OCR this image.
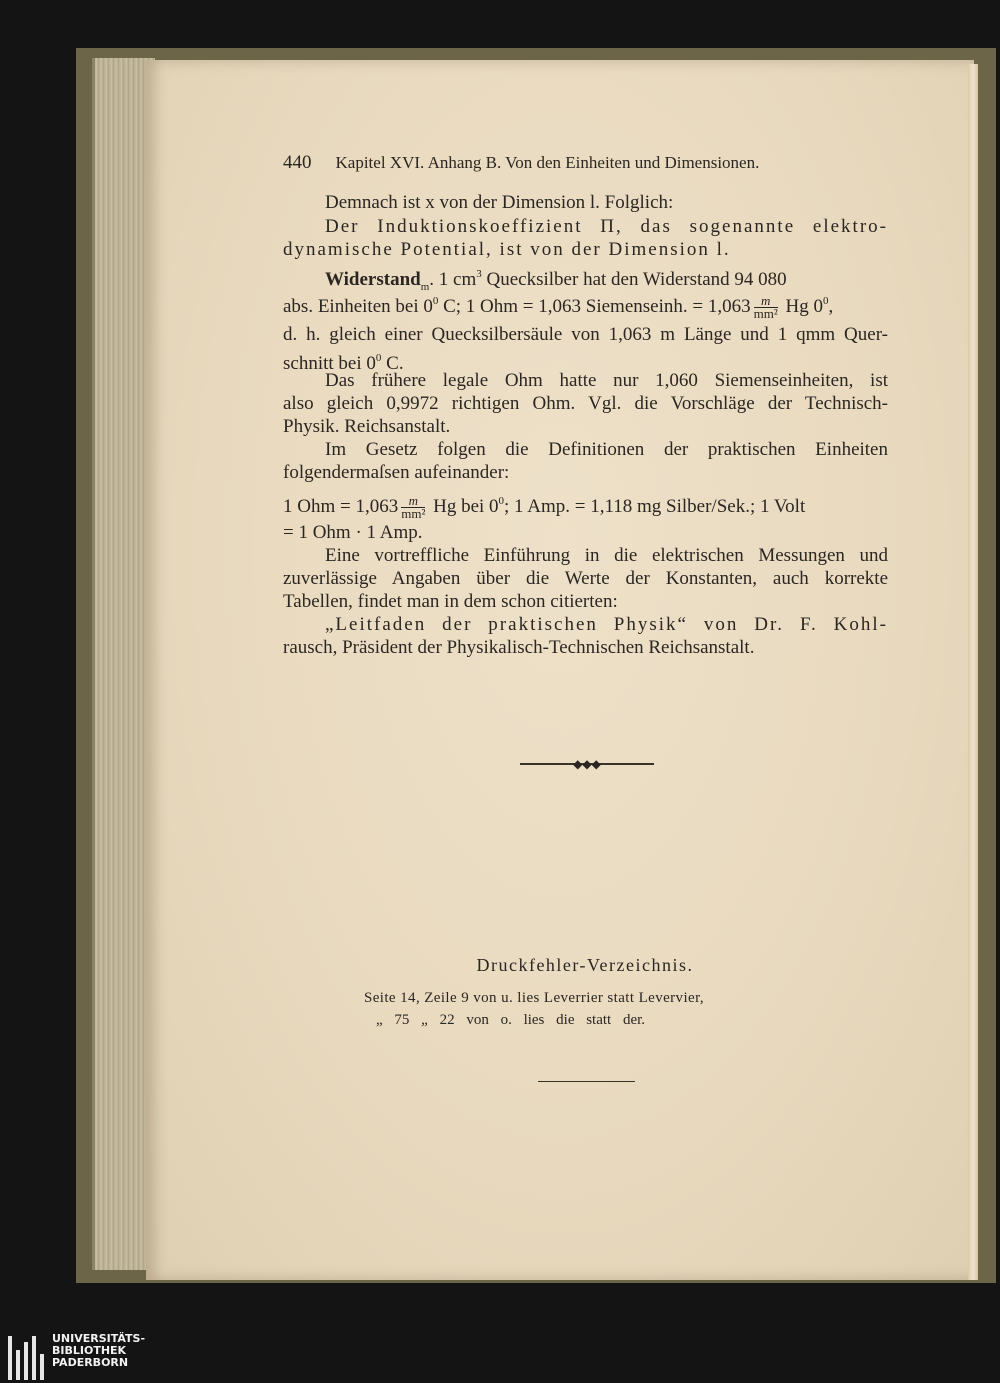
440 Kapitel XVI. Anhang B. Von den Einheiten und Dimensionen.
Demnach ist x von der Dimension l. Folglich:
Der Induktionskoeffizient Π, das sogenannte elektro-
dynamische Potential, ist von der Dimension l.
Widerstand$_m$. 1 $cm^3$ Quecksilber hat den Widerstand 94 080
abs. Einheiten bei $0^0$ C; 1 Ohm = 1,063 Siemenseinh. = $1,063 \frac{m}{\text{mm²}}$ Hg $0^0$,
d. h. gleich einer Quecksilbersäule von 1,063 m Länge und 1 qmm Quer-
schnitt bei $0^0$ C.
Das frühere legale Ohm hatte nur 1,060 Siemenseinheiten, ist
also gleich 0,9972 richtigen Ohm. Vgl. die Vorschläge der Technisch-
Physik. Reichsanstalt.
Im Gesetz folgen die Definitionen der praktischen Einheiten
folgendermaſsen aufeinander:
1 Ohm = $1,063 \frac{m}{\text{mm²}}$ Hg bei $0^0$; 1 Amp. = 1,118 mg Silber/Sek.; 1 Volt
= 1 Ohm · 1 Amp.
Eine vortreffliche Einführung in die elektrischen Messungen und
zuverlässige Angaben über die Werte der Konstanten, auch korrekte
Tabellen, findet man in dem schon citierten:
„Leitfaden der praktischen Physik“ von Dr. F. Kohl-
rausch, Präsident der Physikalisch-Technischen Reichsanstalt.
◆◆◆
Druckfehler-Verzeichnis.
Seite 14, Zeile 9 von u. lies Leverrier statt Levervier,
„ 75 „ 22 von o. lies die statt der.
UNIVERSITÄTS-
BIBLIOTHEK
PADERBORN
